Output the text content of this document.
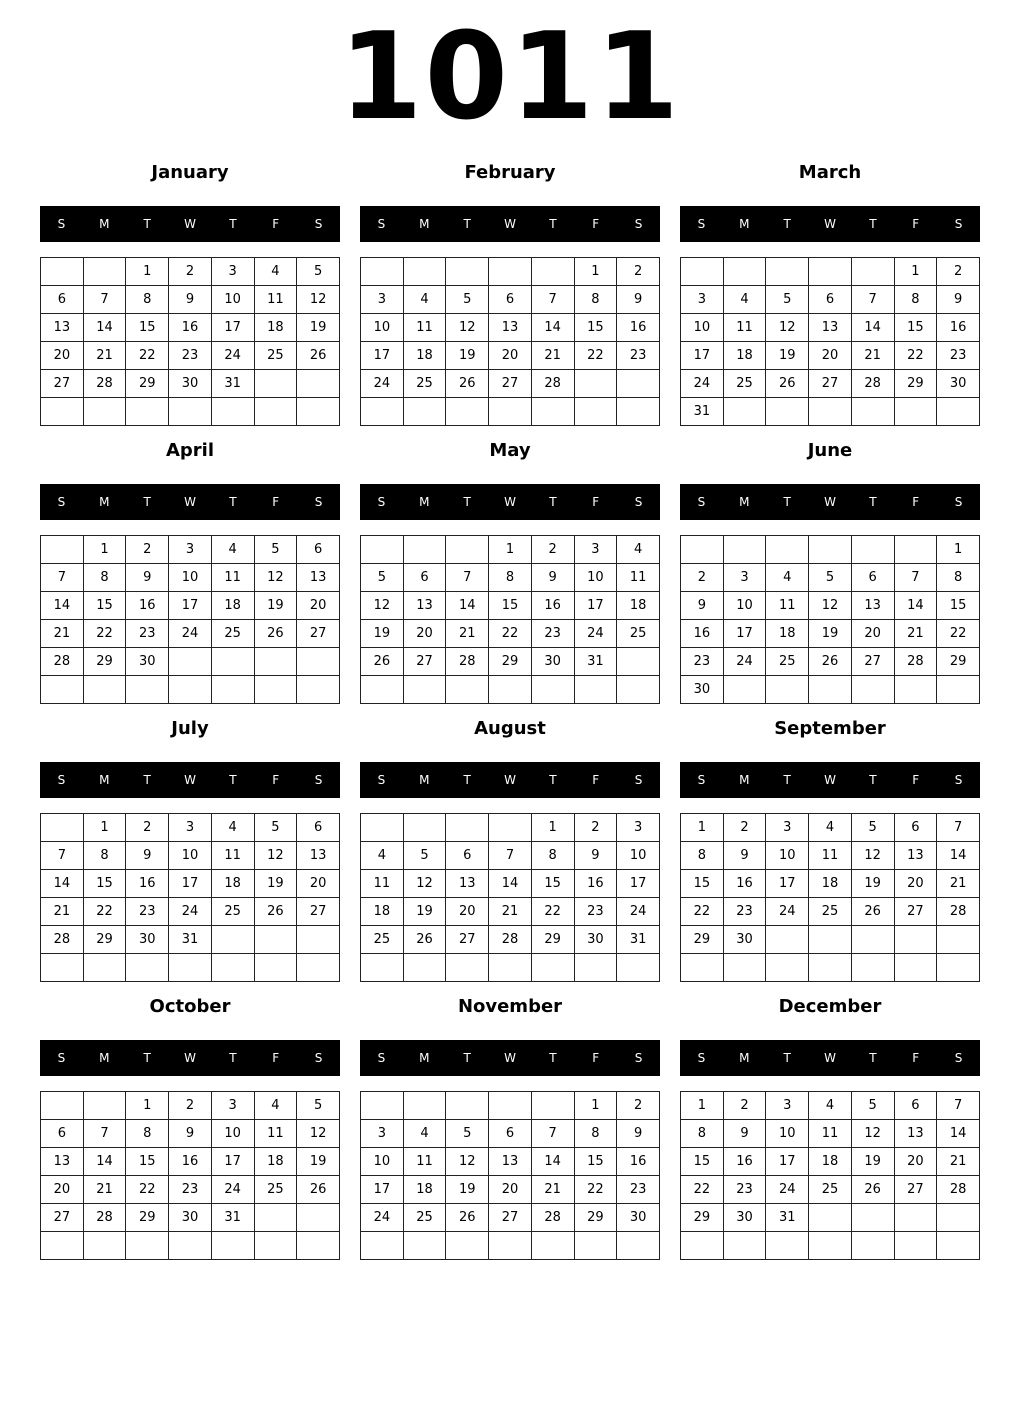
1011
January
S	M	T	W	T	F	S
		1	2	3	4	5
6	7	8	9	10	11	12
13	14	15	16	17	18	19
20	21	22	23	24	25	26
27	28	29	30	31		

February
S	M	T	W	T	F	S
					1	2
3	4	5	6	7	8	9
10	11	12	13	14	15	16
17	18	19	20	21	22	23
24	25	26	27	28		

March
S	M	T	W	T	F	S
					1	2
3	4	5	6	7	8	9
10	11	12	13	14	15	16
17	18	19	20	21	22	23
24	25	26	27	28	29	30
31						
April
S	M	T	W	T	F	S
	1	2	3	4	5	6
7	8	9	10	11	12	13
14	15	16	17	18	19	20
21	22	23	24	25	26	27
28	29	30				

May
S	M	T	W	T	F	S
			1	2	3	4
5	6	7	8	9	10	11
12	13	14	15	16	17	18
19	20	21	22	23	24	25
26	27	28	29	30	31	

June
S	M	T	W	T	F	S
						1
2	3	4	5	6	7	8
9	10	11	12	13	14	15
16	17	18	19	20	21	22
23	24	25	26	27	28	29
30						
July
S	M	T	W	T	F	S
	1	2	3	4	5	6
7	8	9	10	11	12	13
14	15	16	17	18	19	20
21	22	23	24	25	26	27
28	29	30	31			

August
S	M	T	W	T	F	S
				1	2	3
4	5	6	7	8	9	10
11	12	13	14	15	16	17
18	19	20	21	22	23	24
25	26	27	28	29	30	31

September
S	M	T	W	T	F	S
1	2	3	4	5	6	7
8	9	10	11	12	13	14
15	16	17	18	19	20	21
22	23	24	25	26	27	28
29	30					

October
S	M	T	W	T	F	S
		1	2	3	4	5
6	7	8	9	10	11	12
13	14	15	16	17	18	19
20	21	22	23	24	25	26
27	28	29	30	31		

November
S	M	T	W	T	F	S
					1	2
3	4	5	6	7	8	9
10	11	12	13	14	15	16
17	18	19	20	21	22	23
24	25	26	27	28	29	30

December
S	M	T	W	T	F	S
1	2	3	4	5	6	7
8	9	10	11	12	13	14
15	16	17	18	19	20	21
22	23	24	25	26	27	28
29	30	31				
